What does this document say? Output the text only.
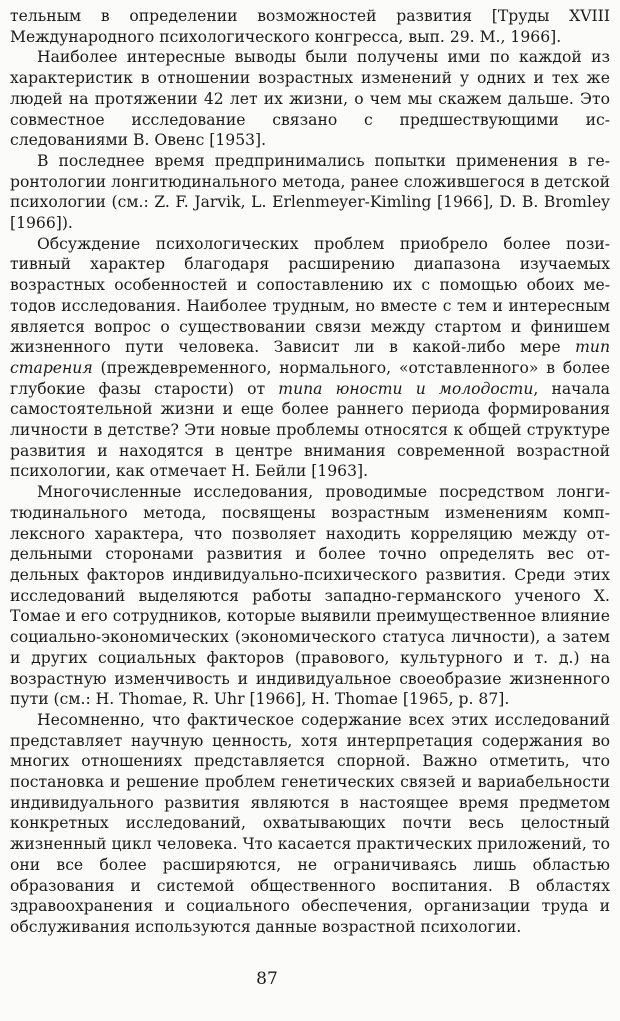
тельным в определении возможностей развития [Труды XVIII Международного психологического конгресса, вып. 29. М., 1966].

Наиболее интересные выводы были получены ими по каждой из характеристик в отношении возрастных изменений у одних и тех же людей на протяжении 42 лет их жизни, о чем мы скажем дальше. Это совместное исследование связано с предшествующими исследованиями В. Овенс [1953].

В последнее время предпринимались попытки применения в геронтологии лонгитюдинального метода, ранее сложившегося в детской психологии (см.: Z. F. Jarvik, L. Erlenmeyer-Kimling [1966], D. B. Bromley [1966]).

Обсуждение психологических проблем приобрело более позитивный характер благодаря расширению диапазона изучаемых возрастных особенностей и сопоставлению их с помощью обоих методов исследования. Наиболее трудным, но вместе с тем и интересным является вопрос о существовании связи между стартом и финишем жизненного пути человека. Зависит ли в какой-либо мере тип старения (преждевременного, нормального, «отставленного» в более глубокие фазы старости) от типа юности и молодости, начала самостоятельной жизни и еще более раннего периода формирования личности в детстве? Эти новые проблемы относятся к общей структуре развития и находятся в центре внимания современной возрастной психологии, как отмечает Н. Бейли [1963].

Многочисленные исследования, проводимые посредством лонгитюдинального метода, посвящены возрастным изменениям комплексного характера, что позволяет находить корреляцию между отдельными сторонами развития и более точно определять вес отдельных факторов индивидуально-психического развития. Среди этих исследований выделяются работы западно-германского ученого Х. Томае и его сотрудников, которые выявили преимущественное влияние социально-экономических (экономического статуса личности), а затем и других социальных факторов (правового, культурного и т. д.) на возрастную изменчивость и индивидуальное своеобразие жизненного пути (см.: H. Thomae, R. Uhr [1966], H. Thomae [1965, р. 87].

Несомненно, что фактическое содержание всех этих исследований представляет научную ценность, хотя интерпретация содержания во многих отношениях представляется спорной. Важно отметить, что постановка и решение проблем генетических связей и вариабельности индивидуального развития являются в настоящее время предметом конкретных исследований, охватывающих почти весь целостный жизненный цикл человека. Что касается практических приложений, то они все более расширяются, не ограничиваясь лишь областью образования и системой общественного воспитания. В областях здравоохранения и социального обеспечения, организации труда и обслуживания используются данные возрастной психологии.

87
